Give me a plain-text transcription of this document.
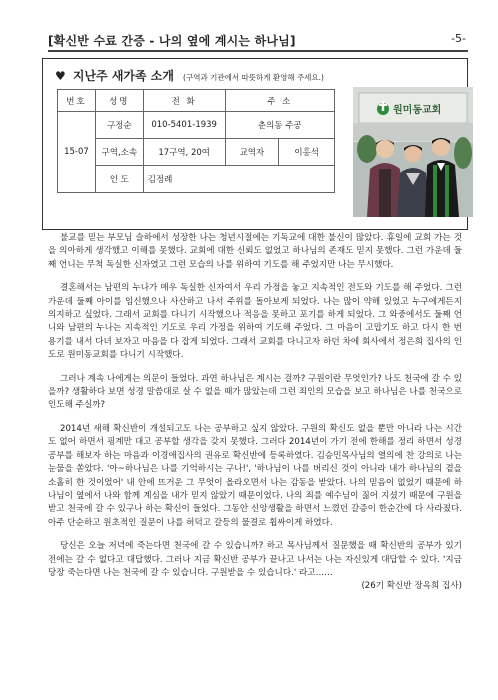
[확신반 수료 간증 - 나의 옆에 계시는 하나님]	-5-
♥ 지난주 새가족 소개 (구역과 기관에서 따뜻하게 환영해 주세요.)
번호	성명	전 화	주 소	
15-07	구정순	010-5401-1939	춘의동 주공	
	구역,소속	17구역, 20여	교역자	이홍석
	인 도	김정례		
원미동교회

불교를 믿는 부모님 슬하에서 성장한 나는 청년시절에는 기독교에 대한 불신이 많았다. 휴일에 교회 가는 것을 의아하게 생각했고 이해를 못했다. 교회에 대한 신뢰도 없었고 하나님의 존재도 믿지 못했다. 그런 가운데 둘째 언니는 무척 독실한 신자였고 그런 모습의 나를 위하여 기도를 해 주었지만 나는 무시했다.

결혼해서는 남편의 누나가 매우 독실한 신자여서 우리 가정을 놓고 지속적인 전도와 기도를 해 주었다. 그런 가운데 둘째 아이를 임신했으나 사산하고 나서 주위를 돌아보게 되었다. 나는 많이 약해 있었고 누구에게든지 의지하고 싶었다. 그래서 교회를 다니기 시작했으나 적응을 못하고 포기를 하게 되었다. 그 와중에서도 둘째 언니와 남편의 누나는 지속적인 기도로 우리 가정을 위하여 기도해 주었다. 그 마음이 고맙기도 하고 다시 한 번 용기를 내서 다녀 보자고 마음을 다 잡게 되었다. 그래서 교회를 다니고자 하던 차에 회사에서 정은희 집사의 인도로 원미동교회를 다니기 시작했다.

그러나 계속 나에게는 의문이 들었다. 과연 하나님은 계시는 걸까? 구원이란 무엇인가? 나도 천국에 갈 수 있을까? 생활하다 보면 성경 말씀대로 살 수 없을 때가 많았는데 그런 죄인의 모습을 보고 하나님은 나를 천국으로 인도해 주실까?

2014년 새해 확신반이 개설되고도 나는 공부하고 싶지 않았다. 구원의 확신도 없을 뿐만 아니라 나는 시간도 없어 하면서 핑계만 대고 공부할 생각을 갖지 못했다. 그러다 2014년이 가기 전에 한해를 정리 하면서 성경공부를 해보자 하는 마음과 이경애집사의 권유로 확신반에 등록하였다. 김승민목사님의 열의에 찬 강의로 나는 눈물을 쏟았다. '아~하나님은 나를 기억하시는 구나!', '하나님이 나를 버리신 것이 아니라 내가 하나님의 곁을 소홀히 한 것이었어' 내 안에 뜨거운 그 무엇이 올라오면서 나는 감동을 받았다. 나의 믿음이 없었기 때문에 하나님이 옆에서 나와 함께 계심을 내가 믿지 않았기 때문이었다. 나의 죄를 예수님이 짊어 지셨기 때문에 구원을 받고 천국에 갈 수 있구나 하는 확신이 들었다. 그동안 신앙생활을 하면서 느꼈던 갈증이 한순간에 다 사라졌다. 아주 단순하고 원초적인 질문이 나를 허덕고 갈등의 물결로 휩싸이게 하였다.

당신은 오늘 저녁에 죽는다면 천국에 갈 수 있습니까? 하고 목사님께서 질문했을 때 확신반의 공부가 있기 전에는 갈 수 없다고 대답했다. 그러나 지금 확신반 공부가 끝나고 나서는 나는 자신있게 대답할 수 있다. '지금 당장 죽는다면 나는 천국에 갈 수 있습니다. 구원받을 수 있습니다.' 라고……

(26기 확신반 장옥희 집사)
